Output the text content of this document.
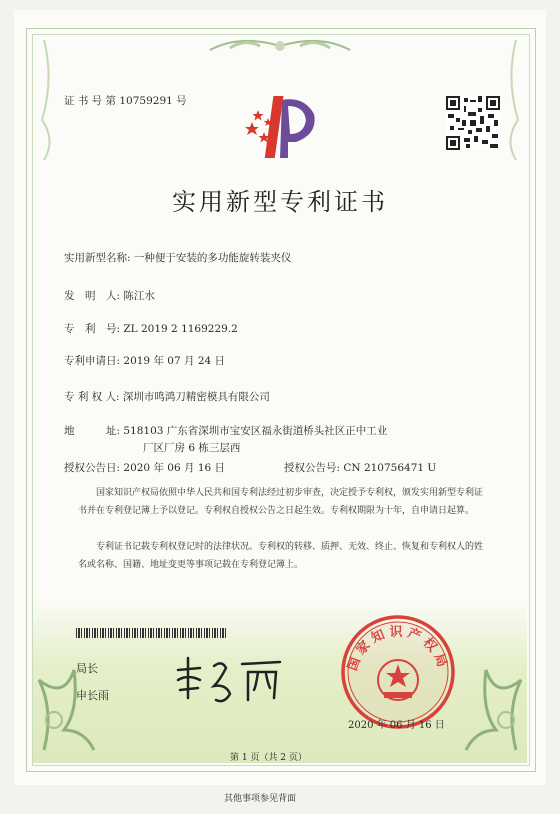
证 书 号 第 10759291 号
实用新型专利证书
实用新型名称: 一种便于安装的多功能旋转装夹仪
发　明　人: 陈江水
专　利　号: ZL 2019 2 1169229.2
专利申请日: 2019 年 07 月 24 日
专 利 权 人: 深圳市鸣鸿刀精密模具有限公司
地　　　址: 518103 广东省深圳市宝安区福永街道桥头社区正中工业
厂区厂房 6 栋三层西
授权公告日: 2020 年 06 月 16 日	授权公告号: CN 210756471 U
国家知识产权局依照中华人民共和国专利法经过初步审查，决定授予专利权，颁发实用新型专利证书并在专利登记簿上予以登记。专利权自授权公告之日起生效。专利权期限为十年，自申请日起算。
专利证书记载专利权登记时的法律状况。专利权的转移、质押、无效、终止、恢复和专利权人的姓名或名称、国籍、地址变更等事项记载在专利登记簿上。
局长
申长雨
国家知识产权局
2020 年 06 月 16 日
第 1 页（共 2 页）
其他事项参见背面
